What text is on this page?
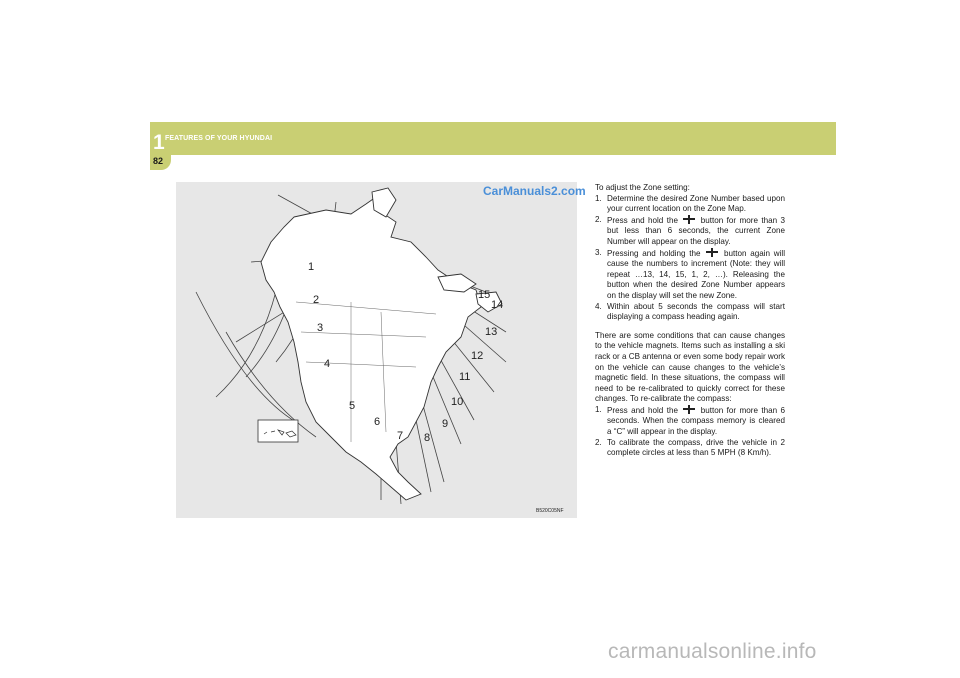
1 FEATURES OF YOUR HYUNDAI
82
1
2
3
4
5
6
7 8
9
10
11
12
13
14
15
CarManuals2.com
B520C05NF

To adjust the Zone setting:

1. Determine the desired Zone Number based upon your current location on the Zone Map.
2. Press and hold the	button for more than 3 but less than 6 seconds, the current Zone Number will appear on the display.
3. Pressing and holding the	button again will cause the numbers to increment (Note: they will repeat …13, 14, 15, 1, 2, …). Releasing the button when the desired Zone Number appears on the display will set the new Zone.
4. Within about 5 seconds the compass will start displaying a compass heading again.

There are some conditions that can cause changes to the vehicle magnets. Items such as installing a ski rack or a CB antenna or even some body repair work on the vehicle can cause changes to the vehicle’s magnetic field. In these situations, the compass will need to be re-calibrated to quickly correct for these changes. To re-calibrate the compass:

1. Press and hold the	button for more than 6 seconds. When the compass memory is cleared a “C” will appear in the display.
2. To calibrate the compass, drive the vehicle in 2 complete circles at less than 5 MPH (8 Km/h).
carmanualsonline.info
